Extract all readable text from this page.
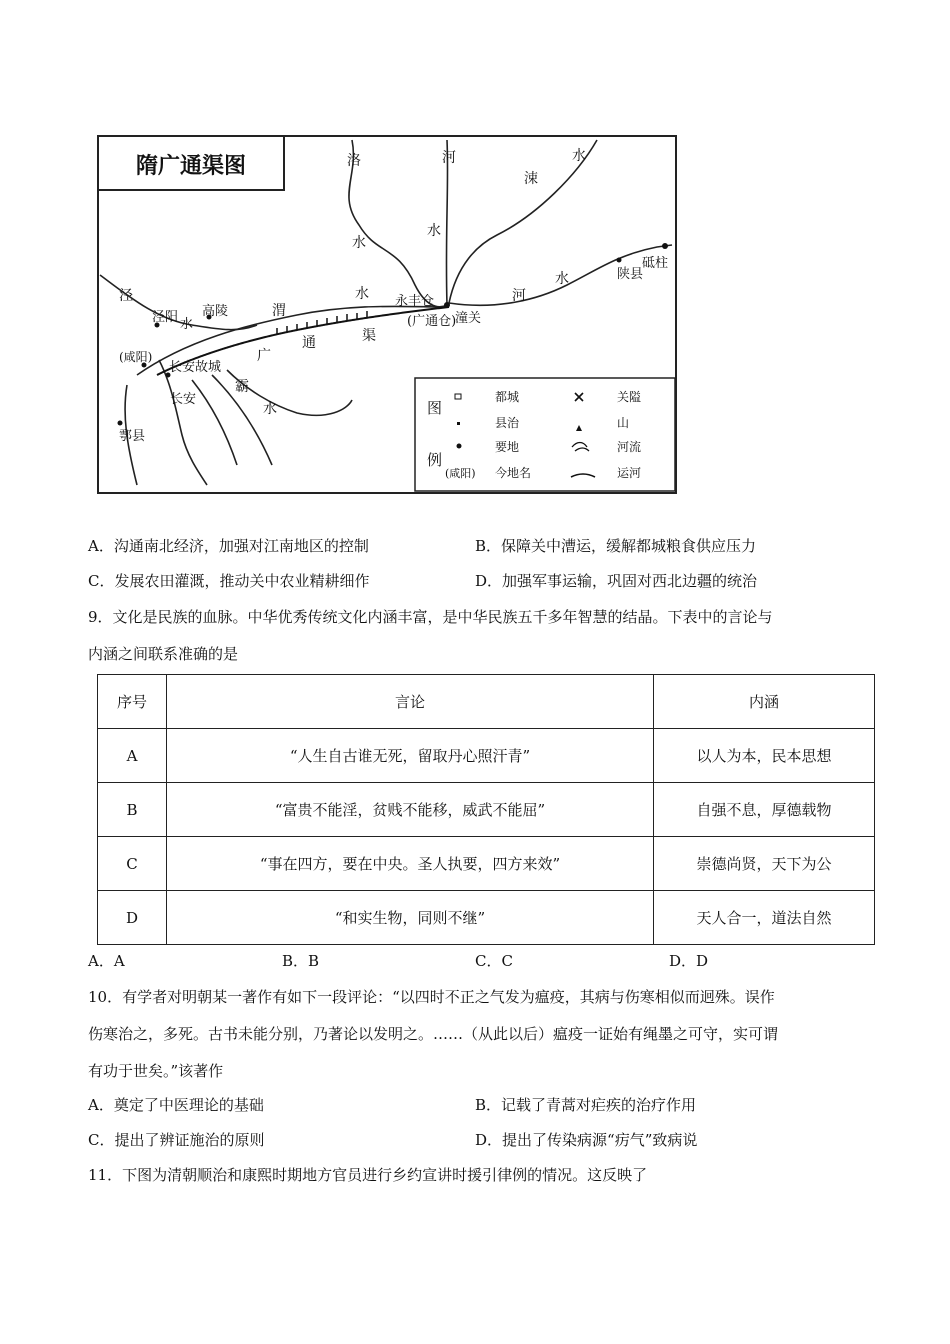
隋广通渠图	洛	河	水
涑
水
水
水
河
陕县
砥柱
泾
泾阳 水
高陵	渭
水 永丰仓
(广通仓)
潼关
渠
通
广
(咸阳)
长安故城
霸
水
长安
鄠县
图
例
(咸阳)
都城
县治
要地
今地名
关隘
山
河流
运河
A．沟通南北经济，加强对江南地区的控制	B．保障关中漕运，缓解都城粮食供应压力
C．发展农田灌溉，推动关中农业精耕细作	D．加强军事运输，巩固对西北边疆的统治
9．文化是民族的血脉。中华优秀传统文化内涵丰富，是中华民族五千多年智慧的结晶。下表中的言论与
内涵之间联系准确的是
序号	言论	内涵
A	“人生自古谁无死，留取丹心照汗青”	以人为本，民本思想
B	“富贵不能淫，贫贱不能移，威武不能屈”	自强不息，厚德载物
C	“事在四方，要在中央。圣人执要，四方来效”	崇德尚贤，天下为公
D	“和实生物，同则不继”	天人合一，道法自然
A．A	B．B	C．C	D．D
10．有学者对明朝某一著作有如下一段评论：“以四时不正之气发为瘟疫，其病与伤寒相似而迥殊。误作
伤寒治之，多死。古书未能分别，乃著论以发明之。……（从此以后）瘟疫一证始有绳墨之可守，实可谓
有功于世矣。”该著作
A．奠定了中医理论的基础	B．记载了青蒿对疟疾的治疗作用
C．提出了辨证施治的原则	D．提出了传染病源“疠气”致病说
11．下图为清朝顺治和康熙时期地方官员进行乡约宣讲时援引律例的情况。这反映了
